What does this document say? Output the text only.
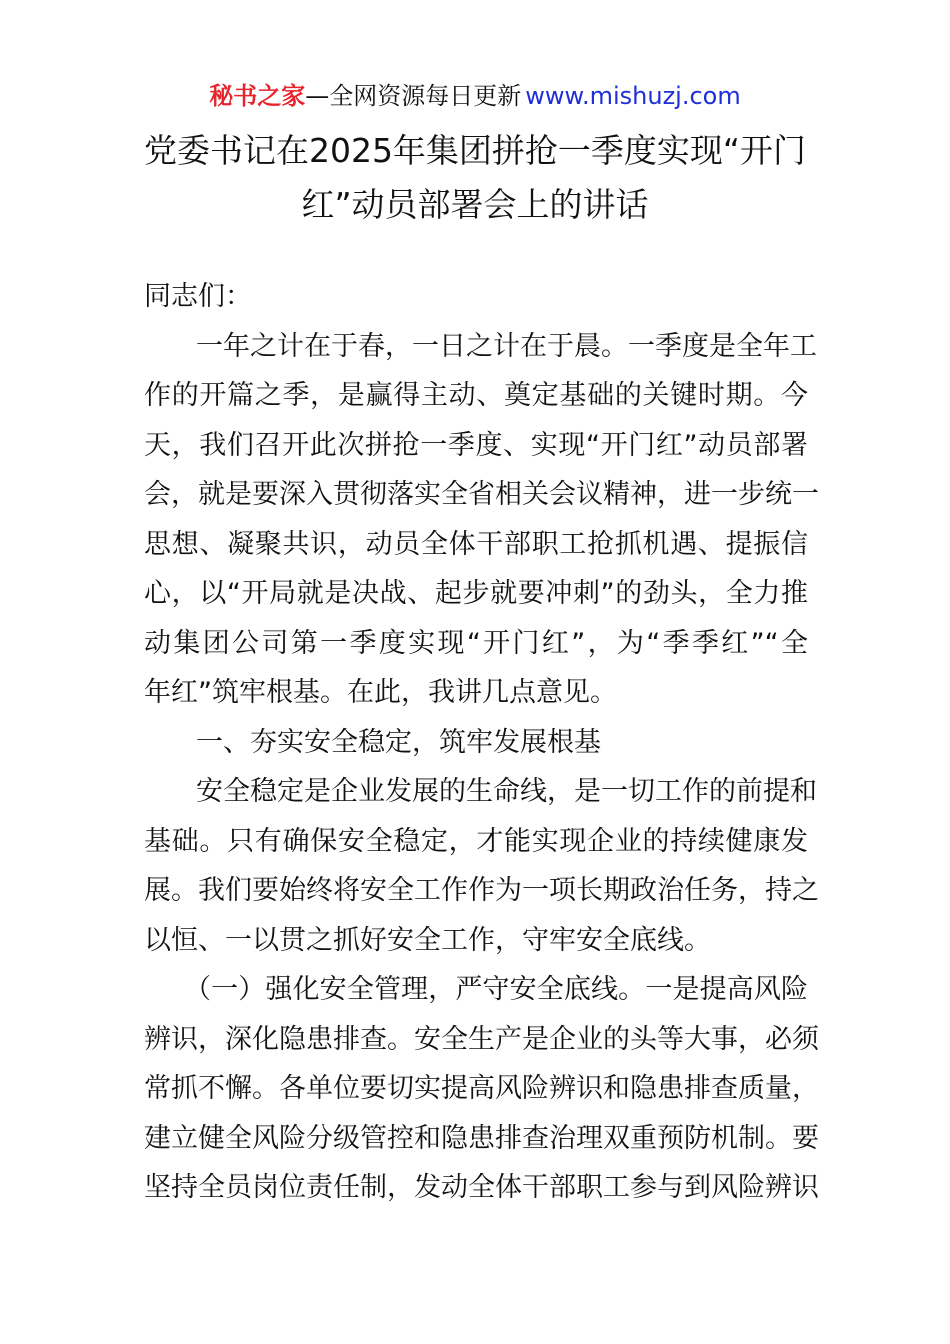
秘书之家—全网资源每日更新 www.mishuzj.com
党委书记在2025年集团拼抢一季度实现“开门
红”动员部署会上的讲话
同志们：
一年之计在于春，一日之计在于晨。一季度是全年工
作的开篇之季，是赢得主动、奠定基础的关键时期。今
天，我们召开此次拼抢一季度、实现“开门红”动员部署
会，就是要深入贯彻落实全省相关会议精神，进一步统一
思想、凝聚共识，动员全体干部职工抢抓机遇、提振信
心，以“开局就是决战、起步就要冲刺”的劲头，全力推
动集团公司第一季度实现“开门红”，为“季季红”“全
年红”筑牢根基。在此，我讲几点意见。
一、夯实安全稳定，筑牢发展根基
安全稳定是企业发展的生命线，是一切工作的前提和
基础。只有确保安全稳定，才能实现企业的持续健康发
展。我们要始终将安全工作作为一项长期政治任务，持之
以恒、一以贯之抓好安全工作，守牢安全底线。
（一）强化安全管理，严守安全底线。一是提高风险
辨识，深化隐患排查。安全生产是企业的头等大事，必须
常抓不懈。各单位要切实提高风险辨识和隐患排查质量，
建立健全风险分级管控和隐患排查治理双重预防机制。要
坚持全员岗位责任制，发动全体干部职工参与到风险辨识
